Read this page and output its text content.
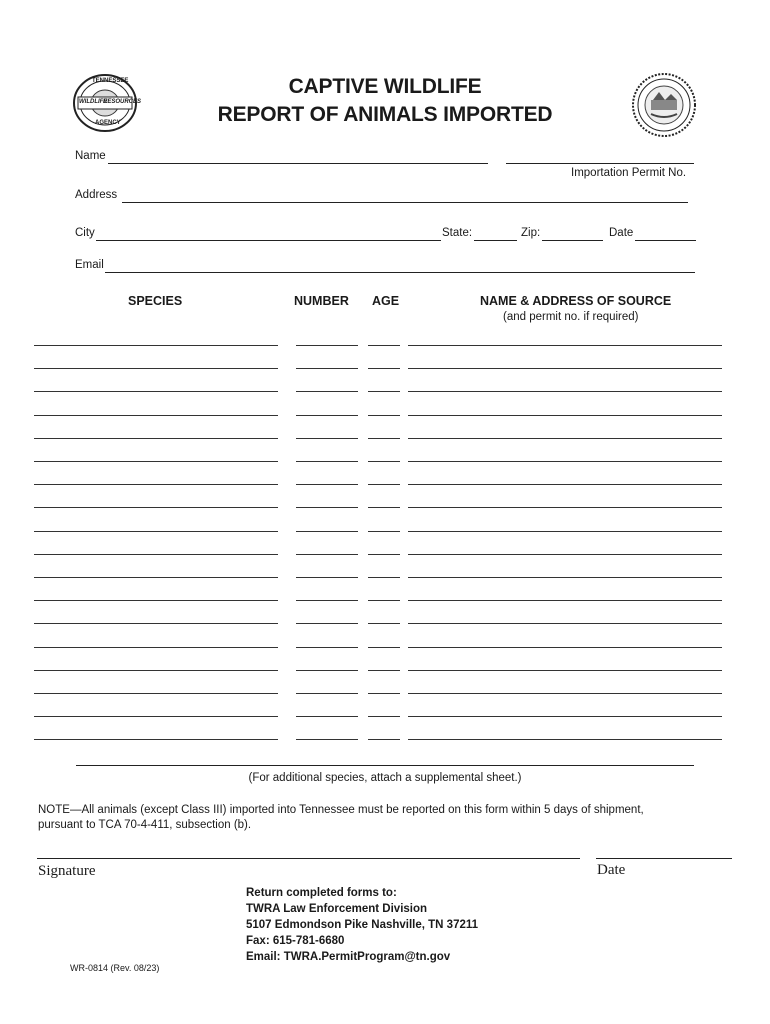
TENNESSEE
WILDLIFE
RESOURCES
AGENCY
CAPTIVE WILDLIFE
REPORT OF ANIMALS IMPORTED
Name
Importation Permit No.
Address
City	State:	Zip:	Date
Email
SPECIES	NUMBER AGE	NAME & ADDRESS OF SOURCE
(and permit no. if required)
(For additional species, attach a supplemental sheet.)
NOTE—All animals (except Class III) imported into Tennessee must be reported on this form within 5 days of shipment,
pursuant to TCA 70-4-411, subsection (b).
Signature	Date
Return completed forms to:
TWRA Law Enforcement Division
5107 Edmondson Pike Nashville, TN 37211
Fax: 615-781-6680
Email: TWRA.PermitProgram@tn.gov
WR-0814 (Rev. 08/23)
